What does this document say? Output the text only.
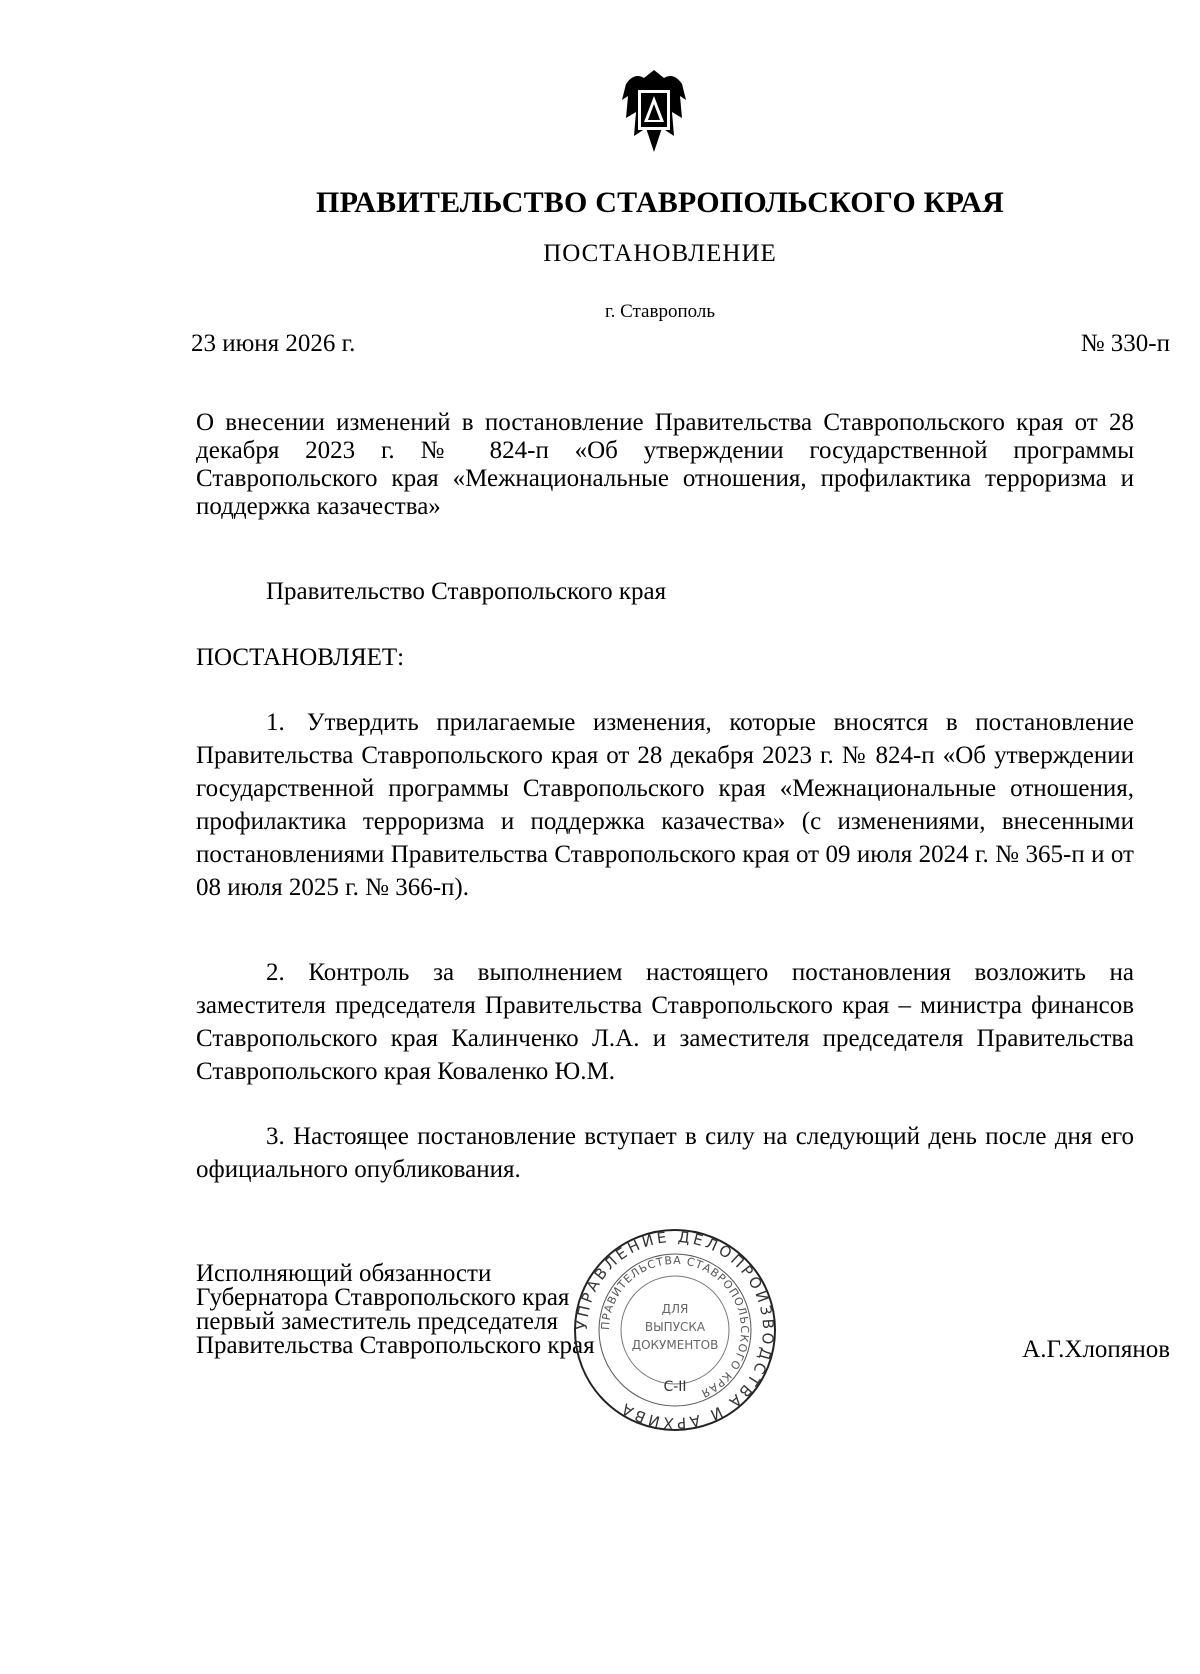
ПРАВИТЕЛЬСТВО СТАВРОПОЛЬСКОГО КРАЯ
ПОСТАНОВЛЕНИЕ
г. Ставрополь
23 июня 2026 г.	№ 330-п
О внесении изменений в постановление Правительства Ставропольского края от 28 декабря 2023 г. № 824-п «Об утверждении государственной программы Ставропольского края «Межнациональные отношения, профилактика терроризма и поддержка казачества»
Правительство Ставропольского края
ПОСТАНОВЛЯЕТ:
1. Утвердить прилагаемые изменения, которые вносятся в постановление Правительства Ставропольского края от 28 декабря 2023 г. № 824-п «Об утверждении государственной программы Ставропольского края «Межнациональные отношения, профилактика терроризма и поддержка казачества» (с изменениями, внесенными постановлениями Правительства Ставропольского края от 09 июля 2024 г. № 365-п и от 08 июля 2025 г. № 366-п).
2. Контроль за выполнением настоящего постановления возложить на заместителя председателя Правительства Ставропольского края – министра финансов Ставропольского края Калинченко Л.А. и заместителя председателя Правительства Ставропольского края Коваленко Ю.М.
3. Настоящее постановление вступает в силу на следующий день после дня его официального опубликования.
Исполняющий обязанности
Губернатора Ставропольского края
первый заместитель председателя
Правительства Ставропольского края	А.Г.Хлопянов
УПРАВЛЕНИЕ ДЕЛОПРОИЗВОДСТВА И АРХИВА
ПРАВИТЕЛЬСТВА СТАВРОПОЛЬСКОГО КРАЯ
ДЛЯ
ВЫПУСКА
ДОКУМЕНТОВ
С-II
